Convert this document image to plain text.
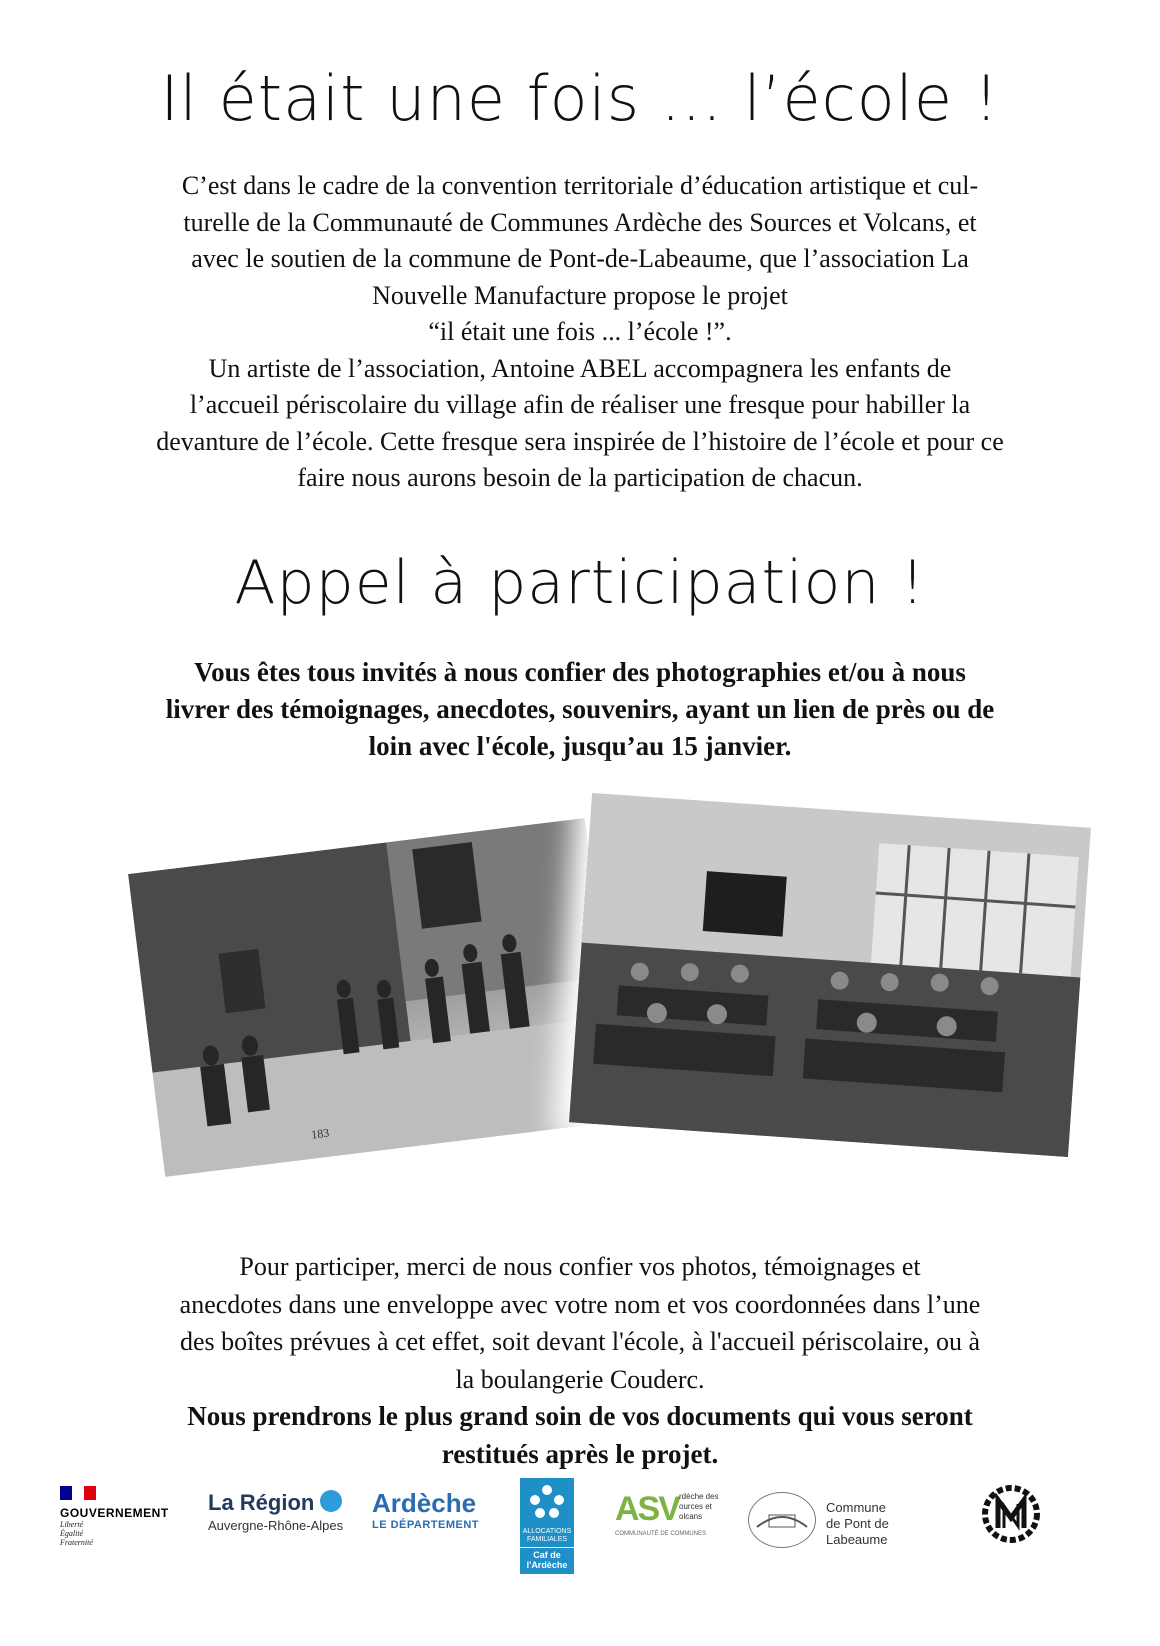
Il était une fois ... l’école !
C’est dans le cadre de la convention territoriale d’éducation artistique et cul-
turelle de la Communauté de Communes Ardèche des Sources et Volcans, et
avec le soutien de la commune de Pont-de-Labeaume, que l’association La
Nouvelle Manufacture propose le projet
“il était une fois ... l’école !”.
Un artiste de l’association, Antoine ABEL accompagnera les enfants de
l’accueil périscolaire du village afin de réaliser une fresque pour habiller la
devanture de l’école. Cette fresque sera inspirée de l’histoire de l’école et pour ce
faire nous aurons besoin de la participation de chacun.
Appel à participation !
Vous êtes tous invités à nous confier des photographies et/ou à nous
livrer des témoignages, anecdotes, souvenirs, ayant un lien de près ou de
loin avec l'école, jusqu’au 15 janvier.
183
Pour participer, merci de nous confier vos photos, témoignages et
anecdotes dans une enveloppe avec votre nom et vos coordonnées dans l’une
des boîtes prévues à cet effet, soit devant l'école, à l'accueil périscolaire, ou à
la boulangerie Couderc.
Nous prendrons le plus grand soin de vos documents qui vous seront
restitués après le projet.
GOUVERNEMENT
Liberté
Égalité
Fraternité
La Région
Auvergne-Rhône-Alpes
Ardèche
LE DÉPARTEMENT
ALLOCATIONS FAMILIALES
Caf de l'Ardèche
ASV rdèche des
ources et
olcans
COMMUNAUTÉ DE COMMUNES
Commune
de Pont de Labeaume
